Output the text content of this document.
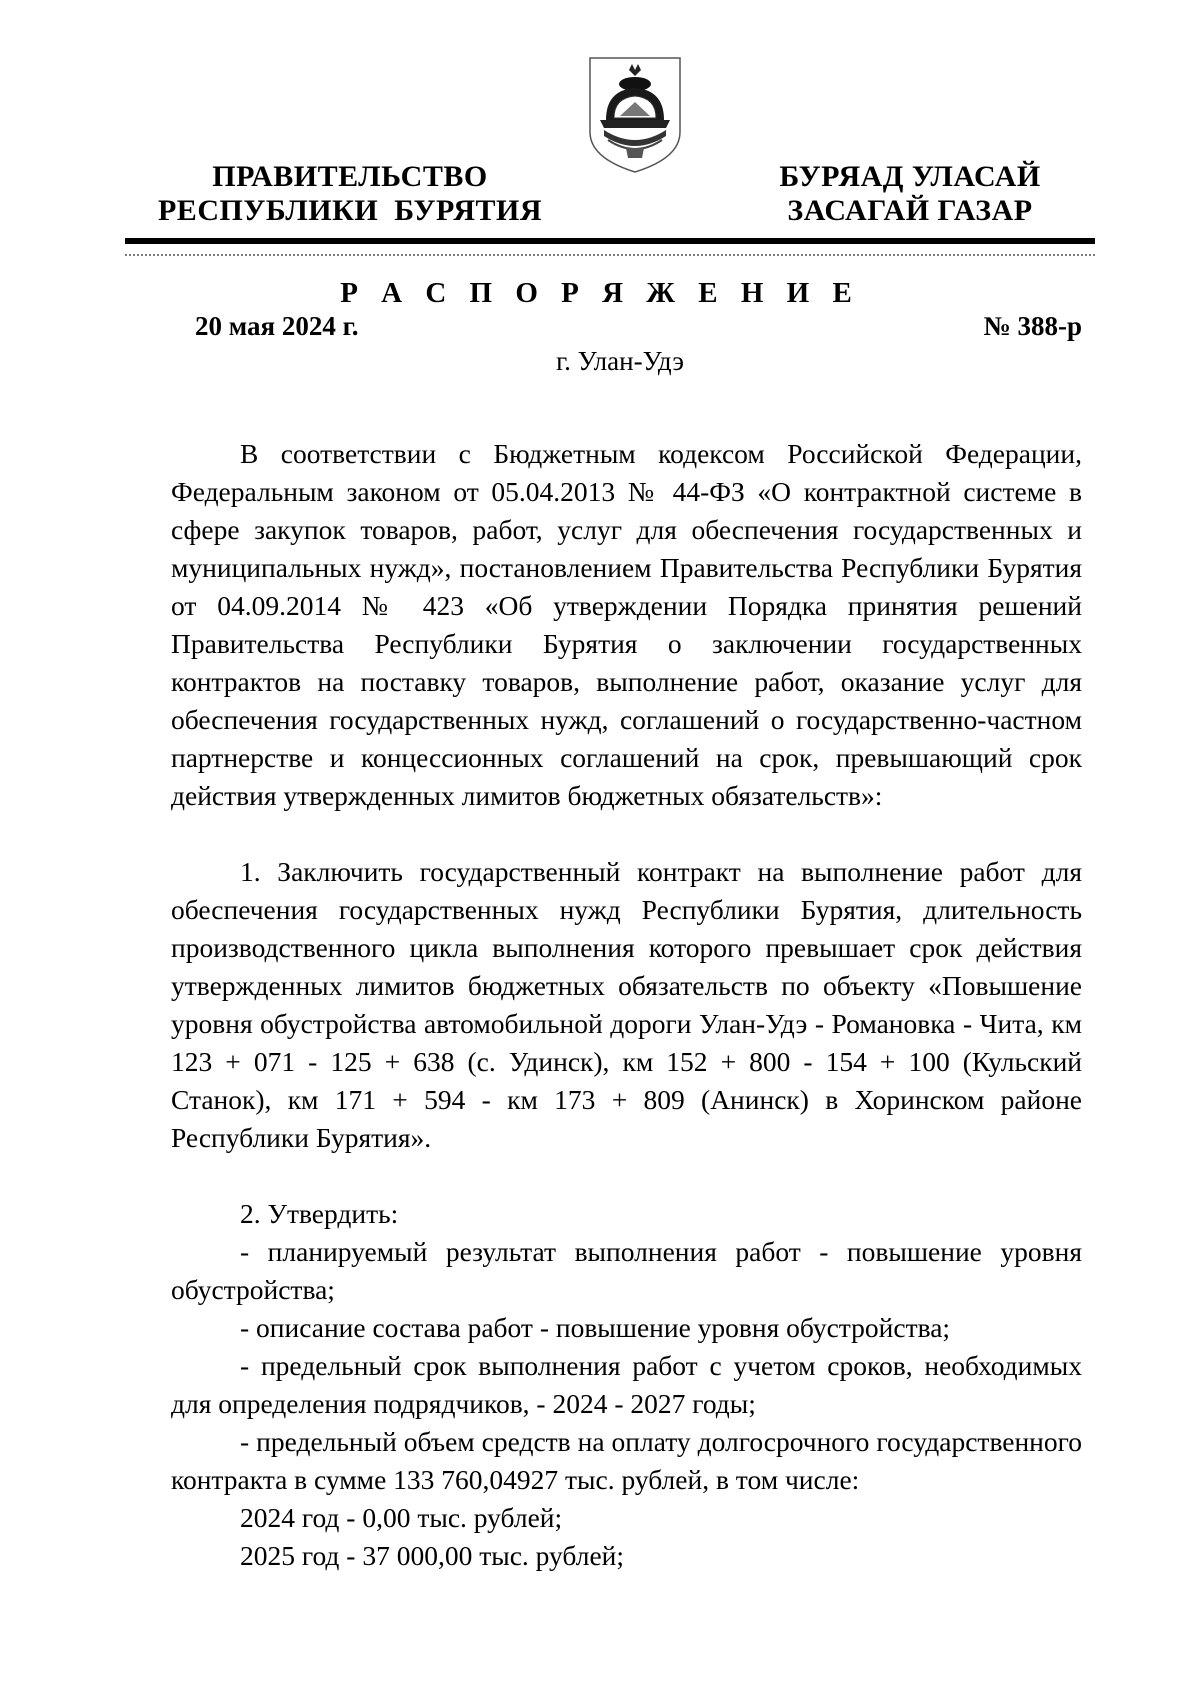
ПРАВИТЕЛЬСТВО
РЕСПУБЛИКИ  БУРЯТИЯ
БУРЯАД УЛАСАЙ
ЗАСАГАЙ ГАЗАР
Р А С П О Р Я Ж Е Н И Е
20 мая 2024 г.	№ 388-р
г. Улан-Удэ

В соответствии с Бюджетным кодексом Российской Федерации, Федеральным законом от 05.04.2013 № 44-ФЗ «О контрактной системе в сфере закупок товаров, работ, услуг для обеспечения государственных и муниципальных нужд», постановлением Правительства Республики Бурятия от 04.09.2014 № 423 «Об утверждении Порядка принятия решений Правительства Республики Бурятия о заключении государственных контрактов на поставку товаров, выполнение работ, оказание услуг для обеспечения государственных нужд, соглашений о государственно-частном партнерстве и концессионных соглашений на срок, превышающий срок действия утвержденных лимитов бюджетных обязательств»:

1. Заключить государственный контракт на выполнение работ для обеспечения государственных нужд Республики Бурятия, длительность производственного цикла выполнения которого превышает срок действия утвержденных лимитов бюджетных обязательств по объекту «Повышение уровня обустройства автомобильной дороги Улан-Удэ - Романовка - Чита, км 123 + 071 - 125 + 638 (с. Удинск), км 152 + 800 - 154 + 100 (Кульский Станок), км 171 + 594 - км 173 + 809 (Анинск) в Хоринском районе Республики Бурятия».

2. Утвердить:

- планируемый результат выполнения работ - повышение уровня обустройства;

- описание состава работ - повышение уровня обустройства;

- предельный срок выполнения работ с учетом сроков, необходимых для определения подрядчиков, - 2024 - 2027 годы;

- предельный объем средств на оплату долгосрочного государственного контракта в сумме 133 760,04927 тыс. рублей, в том числе:

2024 год - 0,00 тыс. рублей;

2025 год - 37 000,00 тыс. рублей;
